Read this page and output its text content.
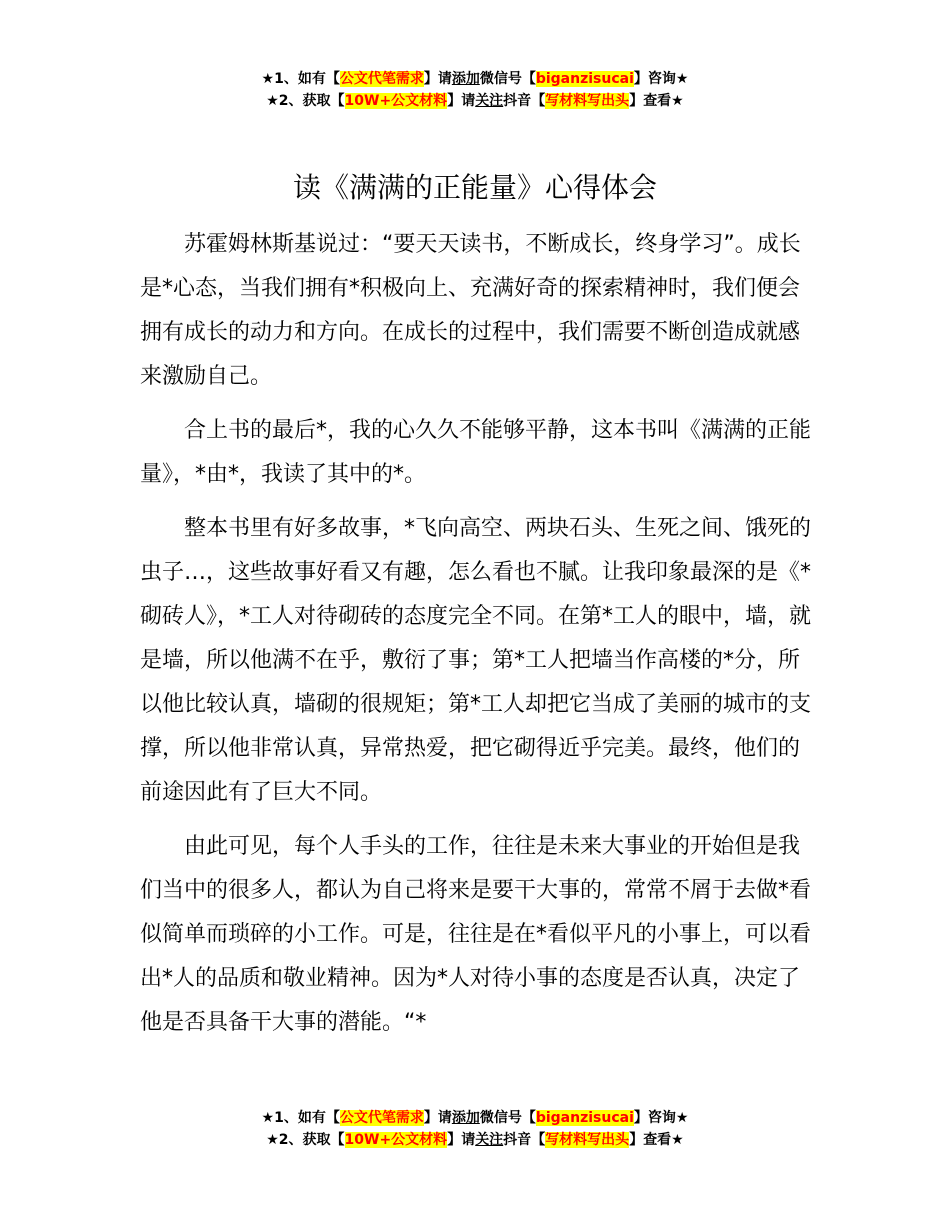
★1、如有【公文代笔需求】请添加微信号【biganzisucai】咨询★
★2、获取【10W+公文材料】请关注抖音【写材料写出头】查看★
读《满满的正能量》心得体会

苏霍姆林斯基说过：“要天天读书，不断成长，终身学习”。成长是*心态，当我们拥有*积极向上、充满好奇的探索精神时，我们便会拥有成长的动力和方向。在成长的过程中，我们需要不断创造成就感来激励自己。

合上书的最后*，我的心久久不能够平静，这本书叫《满满的正能量》，*由*，我读了其中的*。

整本书里有好多故事，*飞向高空、两块石头、生死之间、饿死的虫子…，这些故事好看又有趣，怎么看也不腻。让我印象最深的是《*砌砖人》，*工人对待砌砖的态度完全不同。在第*工人的眼中，墙，就是墙，所以他满不在乎，敷衍了事；第*工人把墙当作高楼的*分，所以他比较认真，墙砌的很规矩；第*工人却把它当成了美丽的城市的支撑，所以他非常认真，异常热爱，把它砌得近乎完美。最终，他们的前途因此有了巨大不同。

由此可见，每个人手头的工作，往往是未来大事业的开始但是我们当中的很多人，都认为自己将来是要干大事的，常常不屑于去做*看似简单而琐碎的小工作。可是，往往是在*看似平凡的小事上，可以看出*人的品质和敬业精神。因为*人对待小事的态度是否认真，决定了他是否具备干大事的潜能。“*

★1、如有【公文代笔需求】请添加微信号【biganzisucai】咨询★
★2、获取【10W+公文材料】请关注抖音【写材料写出头】查看★
